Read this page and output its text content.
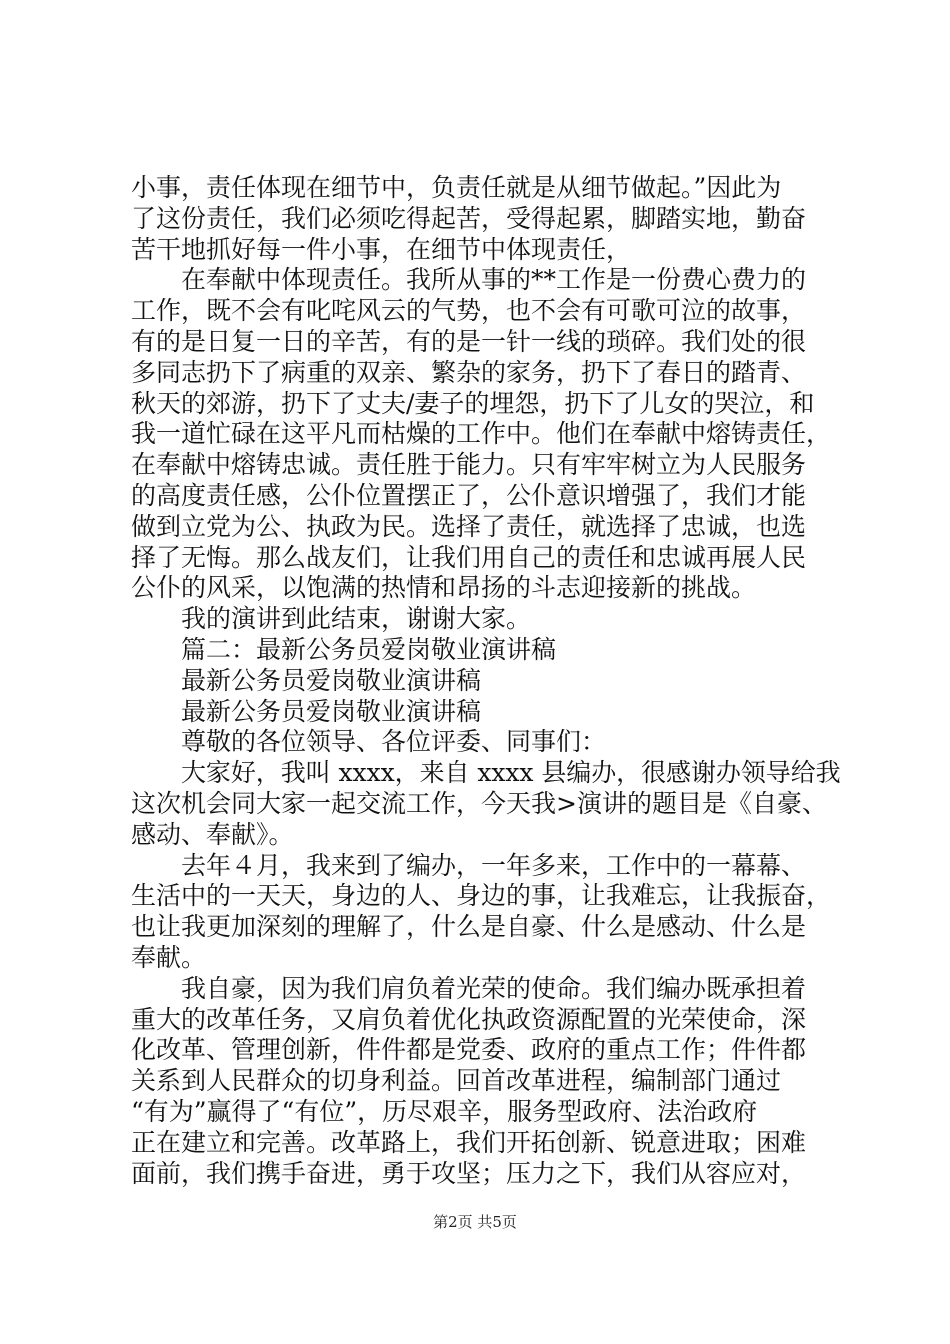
小事，责任体现在细节中，负责任就是从细节做起。”因此为
了这份责任，我们必须吃得起苦，受得起累，脚踏实地，勤奋
苦干地抓好每一件小事，在细节中体现责任，
在奉献中体现责任。我所从事的**工作是一份费心费力的
工作，既不会有叱咤风云的气势，也不会有可歌可泣的故事，
有的是日复一日的辛苦，有的是一针一线的琐碎。我们处的很
多同志扔下了病重的双亲、繁杂的家务，扔下了春日的踏青、
秋天的郊游，扔下了丈夫/妻子的埋怨，扔下了儿女的哭泣，和
我一道忙碌在这平凡而枯燥的工作中。他们在奉献中熔铸责任，
在奉献中熔铸忠诚。责任胜于能力。只有牢牢树立为人民服务
的高度责任感，公仆位置摆正了，公仆意识增强了，我们才能
做到立党为公、执政为民。选择了责任，就选择了忠诚，也选
择了无悔。那么战友们，让我们用自己的责任和忠诚再展人民
公仆的风采，以饱满的热情和昂扬的斗志迎接新的挑战。
我的演讲到此结束，谢谢大家。
篇二：最新公务员爱岗敬业演讲稿
最新公务员爱岗敬业演讲稿
最新公务员爱岗敬业演讲稿
尊敬的各位领导、各位评委、同事们：
大家好，我叫 xxxx，来自 xxxx 县编办，很感谢办领导给我
这次机会同大家一起交流工作，今天我>演讲的题目是《自豪、
感动、奉献》。
去年４月，我来到了编办，一年多来，工作中的一幕幕、
生活中的一天天，身边的人、身边的事，让我难忘，让我振奋，
也让我更加深刻的理解了，什么是自豪、什么是感动、什么是
奉献。
我自豪，因为我们肩负着光荣的使命。我们编办既承担着
重大的改革任务，又肩负着优化执政资源配置的光荣使命，深
化改革、管理创新，件件都是党委、政府的重点工作；件件都
关系到人民群众的切身利益。回首改革进程，编制部门通过
“有为”赢得了“有位”，历尽艰辛，服务型政府、法治政府
正在建立和完善。改革路上，我们开拓创新、锐意进取；困难
面前，我们携手奋进，勇于攻坚；压力之下，我们从容应对，
第2页 共5页
